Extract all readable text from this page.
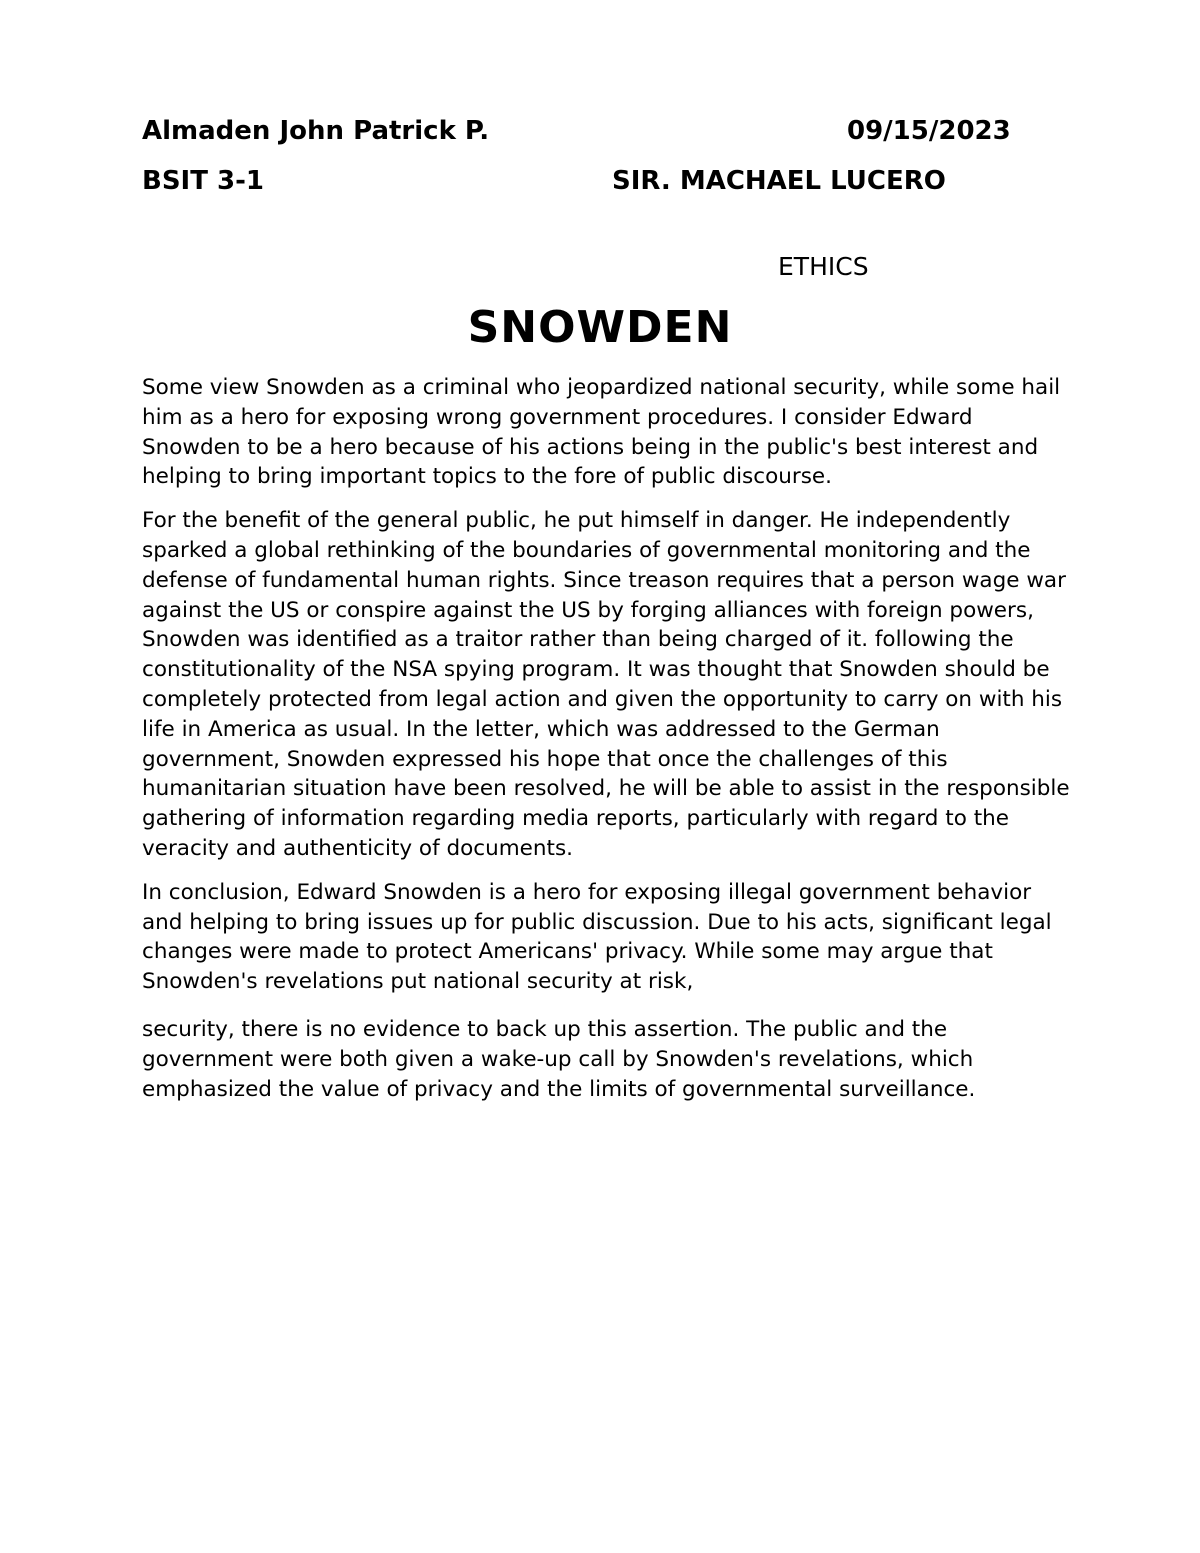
Almaden John Patrick P.	09/15/2023
BSIT 3-1	SIR. MACHAEL LUCERO
ETHICS
SNOWDEN

Some view Snowden as a criminal who jeopardized national security, while some hail him as a hero for exposing wrong government procedures. I consider Edward Snowden to be a hero because of his actions being in the public's best interest and helping to bring important topics to the fore of public discourse.

For the benefit of the general public, he put himself in danger. He independently sparked a global rethinking of the boundaries of governmental monitoring and the defense of fundamental human rights. Since treason requires that a person wage war against the US or conspire against the US by forging alliances with foreign powers, Snowden was identified as a traitor rather than being charged of it. following the constitutionality of the NSA spying program. It was thought that Snowden should be completely protected from legal action and given the opportunity to carry on with his life in America as usual. In the letter, which was addressed to the German government, Snowden expressed his hope that once the challenges of this humanitarian situation have been resolved, he will be able to assist in the responsible gathering of information regarding media reports, particularly with regard to the veracity and authenticity of documents.

In conclusion, Edward Snowden is a hero for exposing illegal government behavior and helping to bring issues up for public discussion. Due to his acts, significant legal changes were made to protect Americans' privacy. While some may argue that Snowden's revelations put national security at risk,

security, there is no evidence to back up this assertion. The public and the government were both given a wake-up call by Snowden's revelations, which emphasized the value of privacy and the limits of governmental surveillance.
